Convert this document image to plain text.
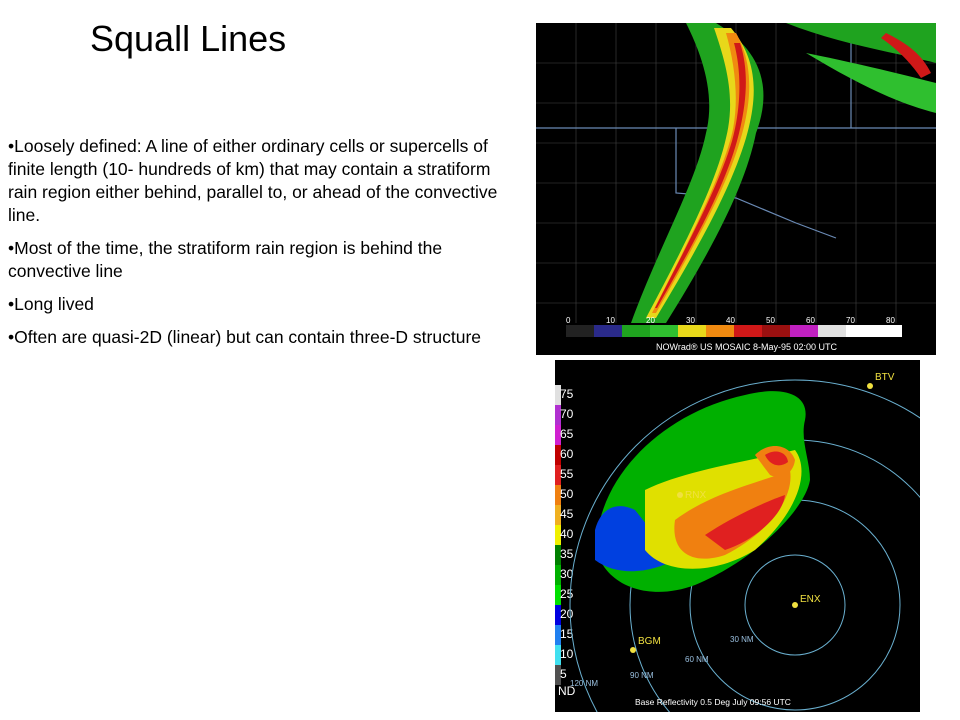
Squall Lines

•Loosely defined: A line of either ordinary cells or supercells of finite length (10- hundreds of km) that may contain a stratiform rain region either behind, parallel to, or ahead of the convective line.

•Most of the time, the stratiform rain region is behind the convective line

•Long lived

•Often are quasi-2D (linear) but can contain three-D structure

0	10	20	30	40	50	60	70	80
NOWrad® US MOSAIC 8-May-95 02:00 UTC
75
70
65
60
55
50
45
40
35
30
25
20
15
10
5
ND
BTV
RNX
ENX
BGM	30 NM
60 NM
90 NM
120 NM
Base Reflectivity 0.5 Deg July 09:56 UTC
